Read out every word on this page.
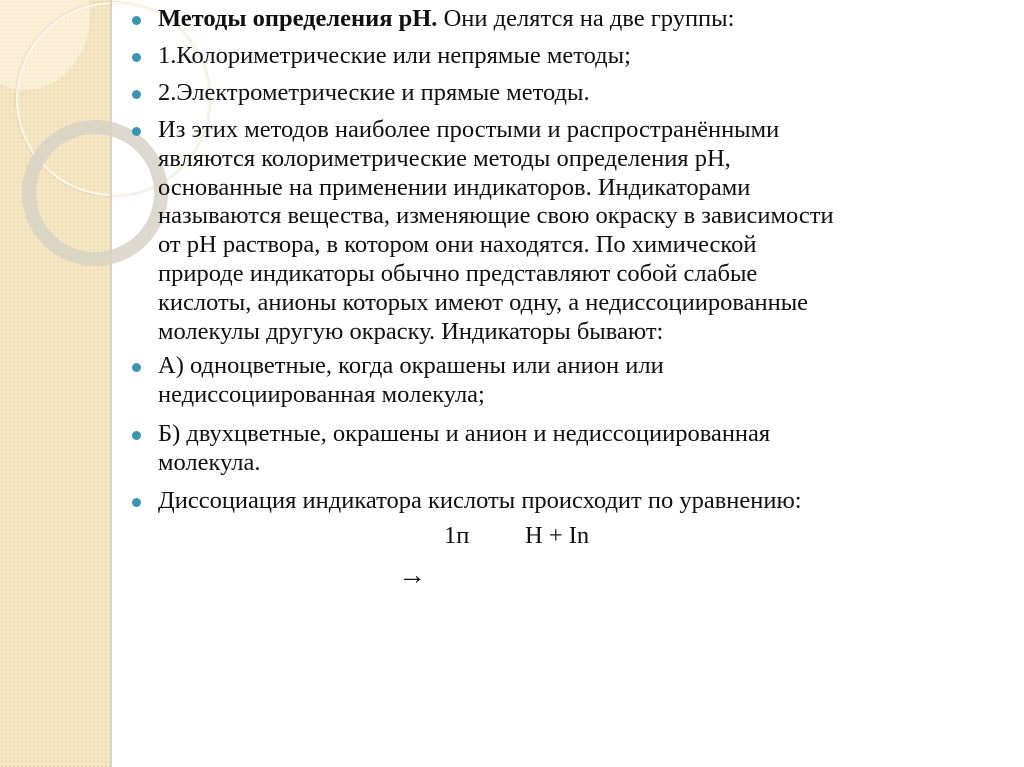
Методы определения рН. Они делятся на две группы:
1.Колориметрические или непрямые методы;
2.Электрометрические и прямые методы.
Из этих методов наиболее простыми и распространёнными
являются колориметрические методы определения рН,
основанные на применении индикаторов. Индикаторами
называются вещества, изменяющие свою окраску в зависимости
от рН раствора, в котором они находятся. По химической
природе индикаторы обычно представляют собой слабые
кислоты, анионы которых имеют одну, а недиссоциированные
молекулы другую окраску. Индикаторы бывают:
А) одноцветные, когда окрашены или анион или
недиссоциированная молекула;
Б) двухцветные, окрашены и анион и недиссоциированная
молекула.
Диссоциация индикатора кислоты происходит по уравнению:
1п Н + In
→
